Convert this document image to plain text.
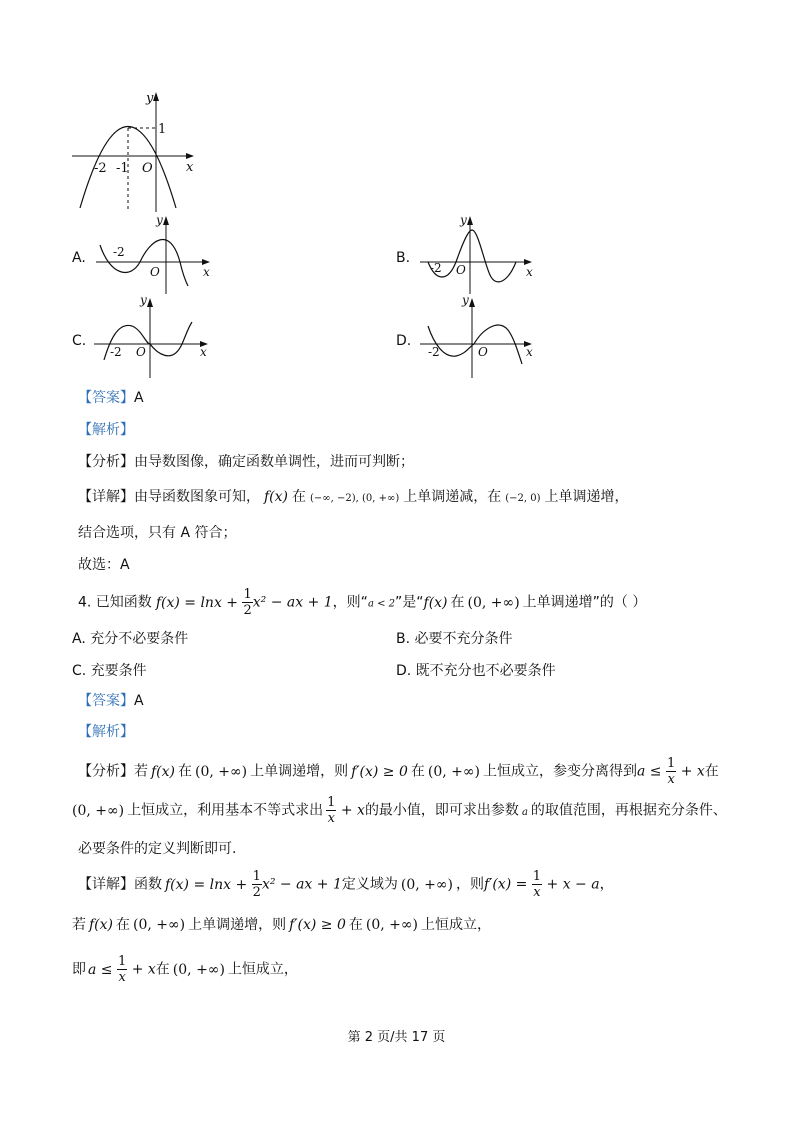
y
1
x
-2 -1 O
A.
y
-2
O	x
B.
y
-2 O	x
C.
y
-2 O	x
D.
y
-2	O	x
【答案】A
【解析】
【分析】由导数图像，确定函数单调性，进而可判断；
【详解】由导函数图象可知， f(x) 在 (−∞, −2), (0, +∞) 上单调递减，在 (−2, 0) 上单调递增，
结合选项，只有 A 符合；
故选：A
4. 已知函数 $f(x) = \ln x + \frac{1}{2} x^2$ − ax + 1，则“a < 2”是“f(x) 在 (0, +∞) 上单调递增”的（ ）
A. 充分不必要条件	B. 必要不充分条件
C. 充要条件	D. 既不充分也不必要条件
【答案】A
【解析】
【分析】若 f(x) 在 (0, +∞) 上单调递增，则 f′(x) ≥ 0 在 (0, +∞) 上恒成立，参变分离得到$a \le \frac{1}{x} + x$在
(0, +∞) 上恒成立，利用基本不等式求出 $\frac{1}{x} + x$的最小值，即可求出参数 a 的取值范围，再根据充分条件、
必要条件的定义判断即可.
【详解】函数 $f(x) = \ln x + \frac{1}{2} x^2$ − ax + 1定义域为 (0, +∞) ，则$f'(x) = \frac{1}{x} + x - a$，
若 f(x) 在 (0, +∞) 上单调递增，则 f′(x) ≥ 0 在 (0, +∞) 上恒成立，
即 $a \le \frac{1}{x} + x$在 (0, +∞) 上恒成立，
第 2 页/共 17 页
